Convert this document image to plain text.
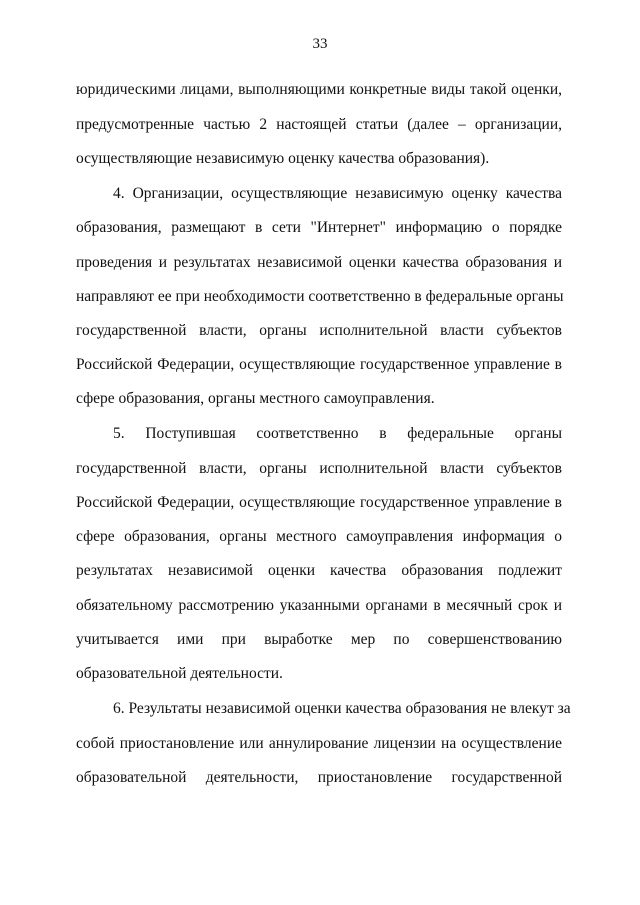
33
юридическими лицами, выполняющими конкретные виды такой оценки,
предусмотренные частью 2 настоящей статьи (далее – организации,
осуществляющие независимую оценку качества образования).
4. Организации, осуществляющие независимую оценку качества
образования, размещают в сети "Интернет" информацию о порядке
проведения и результатах независимой оценки качества образования и
направляют ее при необходимости соответственно в федеральные органы
государственной власти, органы исполнительной власти субъектов
Российской Федерации, осуществляющие государственное управление в
сфере образования, органы местного самоуправления.
5. Поступившая соответственно в федеральные органы
государственной власти, органы исполнительной власти субъектов
Российской Федерации, осуществляющие государственное управление в
сфере образования, органы местного самоуправления информация о
результатах независимой оценки качества образования подлежит
обязательному рассмотрению указанными органами в месячный срок и
учитывается ими при выработке мер по совершенствованию
образовательной деятельности.
6. Результаты независимой оценки качества образования не влекут за
собой приостановление или аннулирование лицензии на осуществление
образовательной деятельности, приостановление государственной
